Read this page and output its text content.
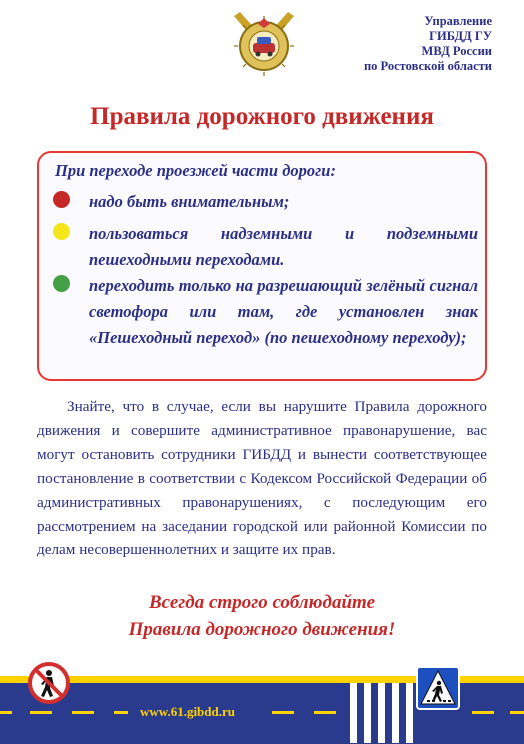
Управление
ГИБДД ГУ
МВД России
по Ростовской области
Правила дорожного движения
При переходе проезжей части дороги:
надо быть внимательным;
пользоваться надземными и подземными пешеходными переходами.
переходить только на разрешающий зелёный сигнал светофора или там, где установлен знак «Пешеходный переход» (по пешеходному переходу);
Знайте, что в случае, если вы нарушите Правила дорожного движения и совершите административное правонарушение, вас могут остановить сотрудники ГИБДД и вынести соответствующее постановление в соответствии с Кодексом Российской Федерации об административных правонарушениях, с последующим его рассмотрением на заседании городской или районной Комиссии по делам несовершеннолетних и защите их прав.
Всегда строго соблюдайте
Правила дорожного движения!
www.61.gibdd.ru
